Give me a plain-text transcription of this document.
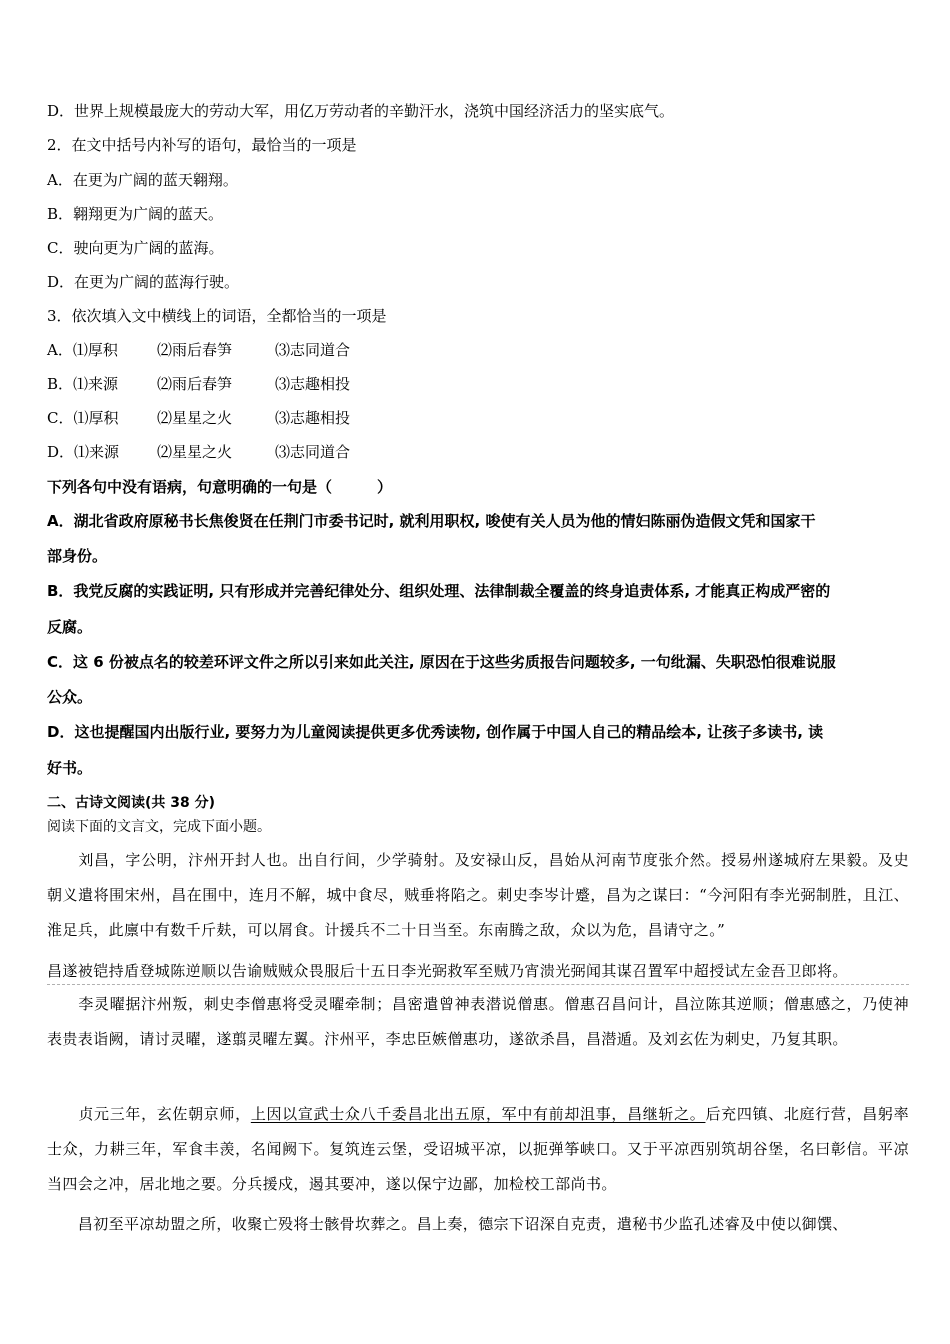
D．世界上规模最庞大的劳动大军，用亿万劳动者的辛勤汗水，浇筑中国经济活力的坚实底气。
2．在文中括号内补写的语句，最恰当的一项是
A．在更为广阔的蓝天翱翔。
B．翱翔更为广阔的蓝天。
C．驶向更为广阔的蓝海。
D．在更为广阔的蓝海行驶。
3．依次填入文中横线上的词语，全都恰当的一项是
A．⑴厚积	⑵雨后春笋	⑶志同道合
B．⑴来源	⑵雨后春笋	⑶志趣相投
C．⑴厚积	⑵星星之火	⑶志趣相投
D．⑴来源	⑵星星之火	⑶志同道合
下列各句中没有语病，句意明确的一句是（　　　）
A．湖北省政府原秘书长焦俊贤在任荆门市委书记时, 就利用职权, 唆使有关人员为他的情妇陈丽伪造假文凭和国家干
部身份。
B．我党反腐的实践证明, 只有形成并完善纪律处分、组织处理、法律制裁全覆盖的终身追责体系, 才能真正构成严密的
反腐。
C．这 6 份被点名的较差环评文件之所以引来如此关注, 原因在于这些劣质报告问题较多, 一句纰漏、失职恐怕很难说服
公众。
D．这也提醒国内出版行业, 要努力为儿童阅读提供更多优秀读物, 创作属于中国人自己的精品绘本, 让孩子多读书, 读
好书。
二、古诗文阅读(共 38 分)
阅读下面的文言文，完成下面小题。
　　刘昌，字公明，汴州开封人也。出自行间，少学骑射。及安禄山反，昌始从河南节度张介然。授易州遂城府左果毅。及史朝义遣将围宋州，昌在围中，连月不解，城中食尽，贼垂将陷之。刺史李岑计蹙，昌为之谋曰：“今河阳有李光弼制胜，且江、淮足兵，此廪中有数千斤麸，可以屑食。计援兵不二十日当至。东南腾之敌，众以为危，昌请守之。”
昌遂被铠持盾登城陈逆顺以告谕贼贼众畏服后十五日李光弼救军至贼乃宵溃光弼闻其谋召置军中超授试左金吾卫郎将。
　　李灵曜据汴州叛，刺史李僧惠将受灵曜牵制；昌密遣曾神表潜说僧惠。僧惠召昌问计，昌泣陈其逆顺；僧惠感之，乃使神表贵表诣阙，请讨灵曜，遂翦灵曜左翼。汴州平，李忠臣嫉僧惠功，遂欲杀昌，昌潜遁。及刘玄佐为刺史，乃复其职。
　　贞元三年，玄佐朝京师，上因以宣武士众八千委昌北出五原，军中有前却沮事，昌继斩之。后充四镇、北庭行营，昌躬率士众，力耕三年，军食丰羡，名闻阙下。复筑连云堡，受诏城平凉，以扼弹筝峡口。又于平凉西别筑胡谷堡，名曰彰信。平凉当四会之冲，居北地之要。分兵援戍，遏其要冲，遂以保宁边鄙，加检校工部尚书。
　　昌初至平凉劫盟之所，收聚亡殁将士骸骨坎葬之。昌上奏，德宗下诏深自克责，遣秘书少监孔述睿及中使以御馔、
